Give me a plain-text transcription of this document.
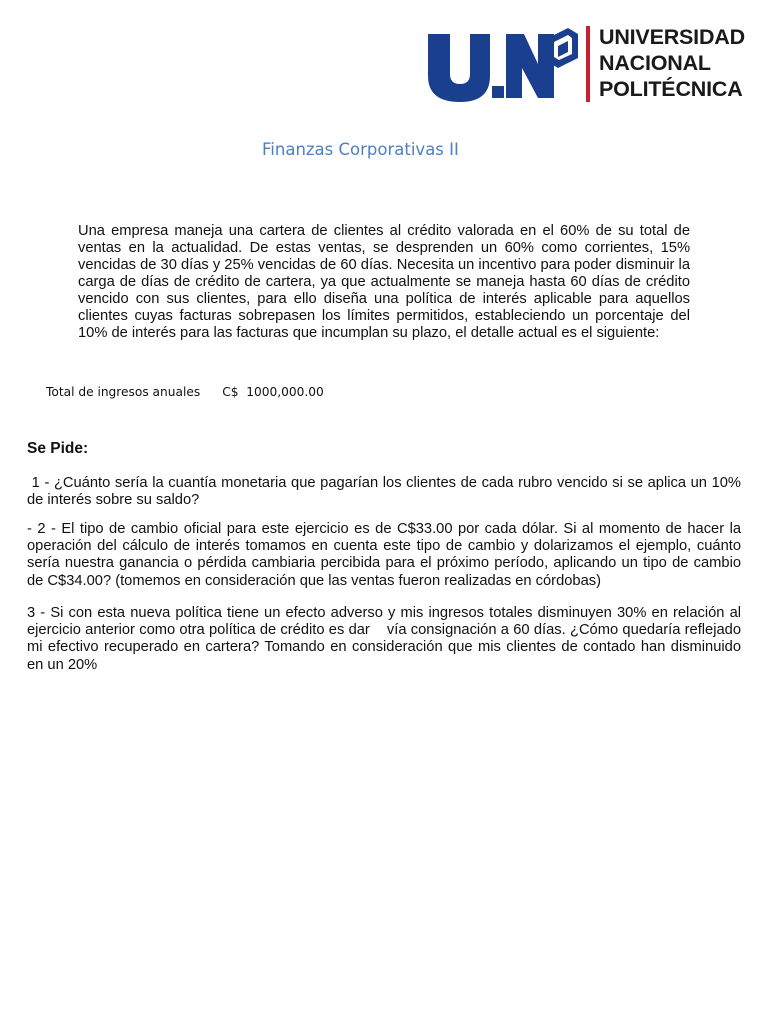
UNIVERSIDAD
NACIONAL
POLITÉCNICA
Finanzas Corporativas II

Una empresa maneja una cartera de clientes al crédito valorada en el 60% de su total de ventas en la actualidad. De estas ventas, se desprenden un 60% como corrientes, 15% vencidas de 30 días y 25% vencidas de 60 días. Necesita un incentivo para poder disminuir la carga de días de crédito de cartera, ya que actualmente se maneja hasta 60 días de crédito vencido con sus clientes, para ello diseña una política de interés aplicable para aquellos clientes cuyas facturas sobrepasen los límites permitidos, estableciendo un porcentaje del 10% de interés para las facturas que incumplan su plazo, el detalle actual es el siguiente:

Total de ingresos anuales C$  1000,000.00
Se Pide:

1 - ¿Cuánto sería la cuantía monetaria que pagarían los clientes de cada rubro vencido si se aplica un 10% de interés sobre su saldo?

- 2 - El tipo de cambio oficial para este ejercicio es de C$33.00 por cada dólar. Si al momento de hacer la operación del cálculo de interés tomamos en cuenta este tipo de cambio y dolarizamos el ejemplo, cuánto sería nuestra ganancia o pérdida cambiaria percibida para el próximo período, aplicando un tipo de cambio de C$34.00? (tomemos en consideración que las ventas fueron realizadas en córdobas)

3 - Si con esta nueva política tiene un efecto adverso y mis ingresos totales disminuyen 30% en relación al ejercicio anterior como otra política de crédito es dar    vía consignación a 60 días. ¿Cómo quedaría reflejado mi efectivo recuperado en cartera? Tomando en consideración que mis clientes de contado han disminuido en un 20%
